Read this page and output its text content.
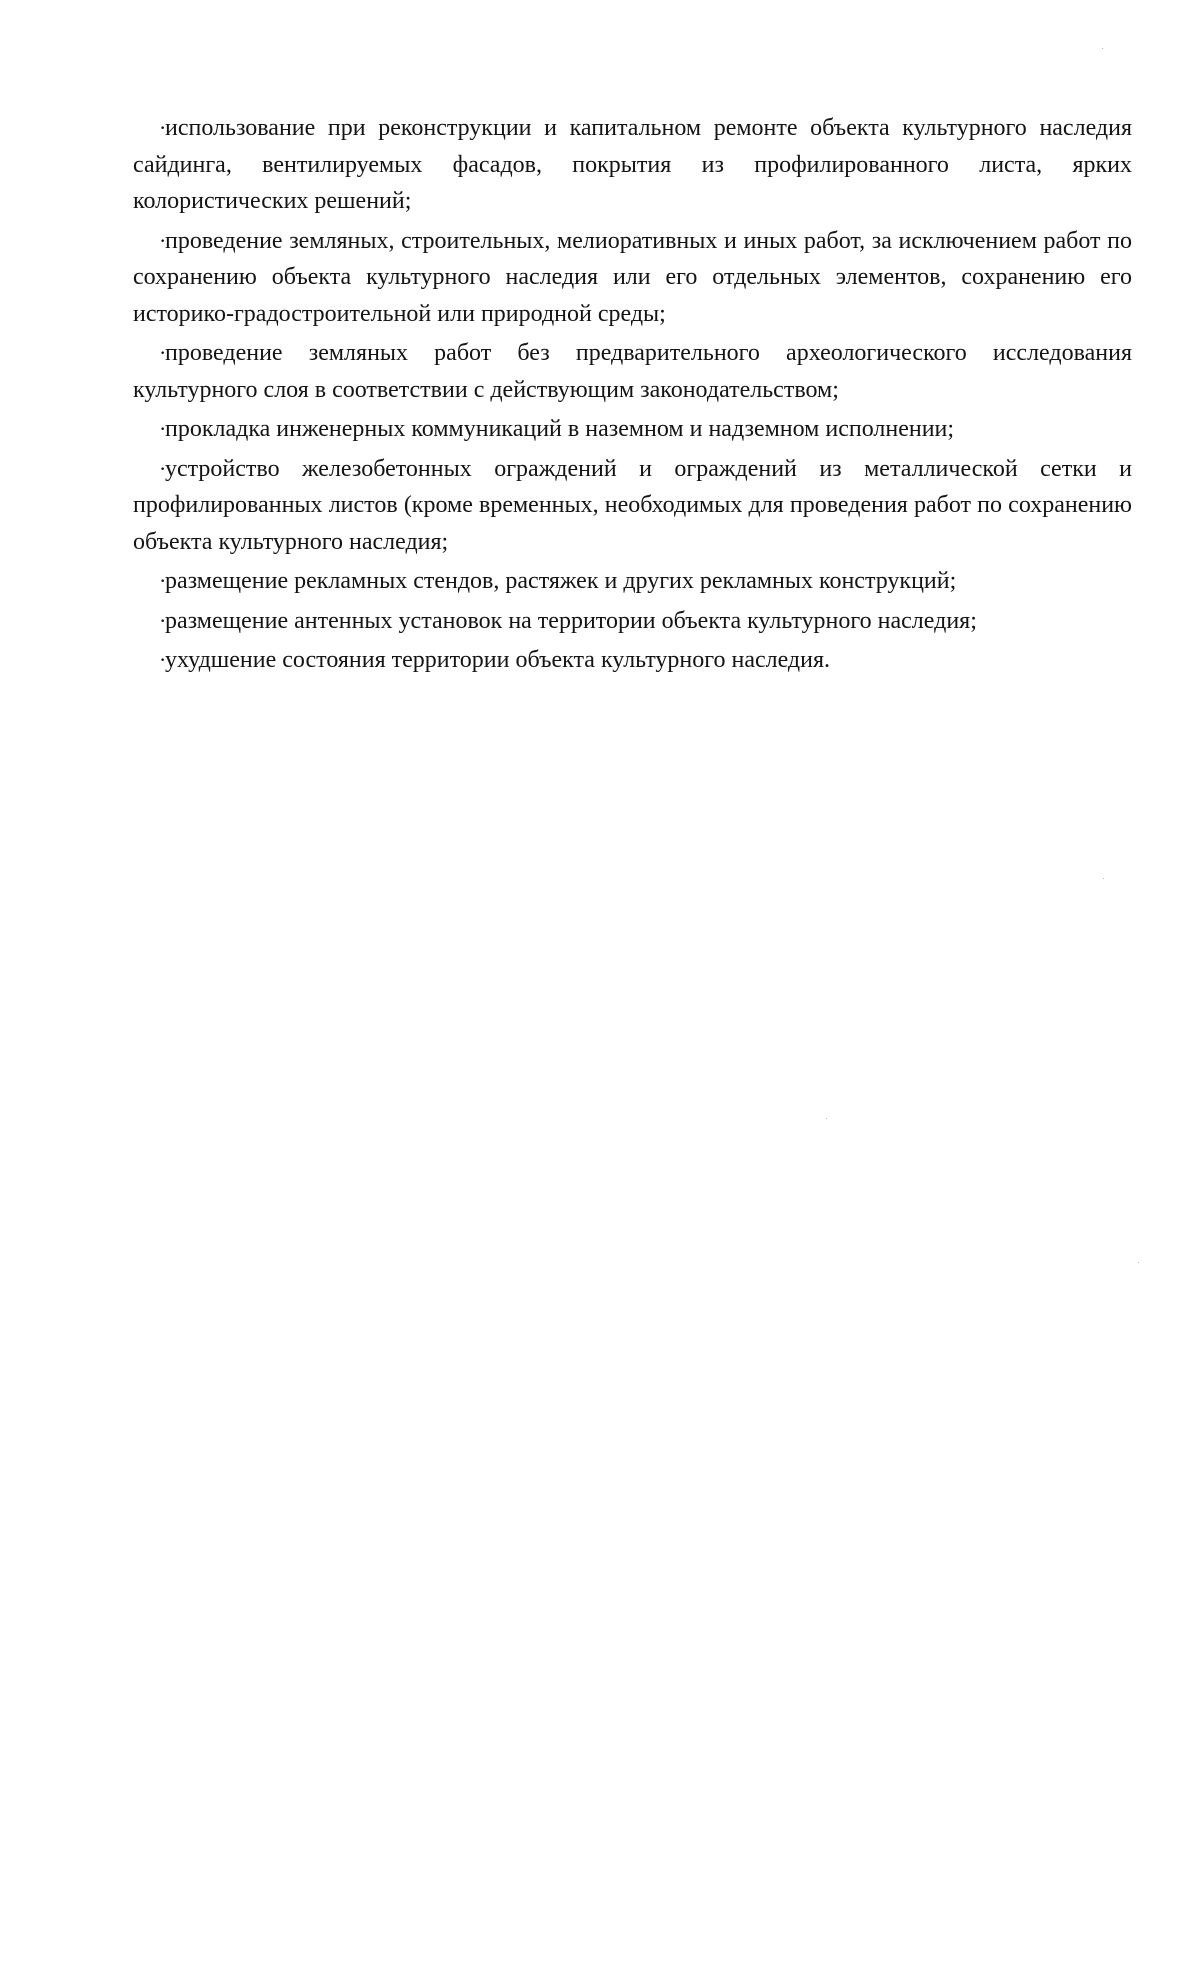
·использование при реконструкции и капитальном ремонте объекта культурного наследия сайдинга, вентилируемых фасадов, покрытия из профилированного листа, ярких колористических решений;

·проведение земляных, строительных, мелиоративных и иных работ, за исключением работ по сохранению объекта культурного наследия или его отдельных элементов, сохранению его историко-градостроительной или природной среды;

·проведение земляных работ без предварительного археологического исследования культурного слоя в соответствии с действующим законодательством;

·прокладка инженерных коммуникаций в наземном и надземном исполнении;

·устройство железобетонных ограждений и ограждений из металлической сетки и профилированных листов (кроме временных, необходимых для проведения работ по сохранению объекта культурного наследия;

·размещение рекламных стендов, растяжек и других рекламных конструкций;

·размещение антенных установок на территории объекта культурного наследия;

·ухудшение состояния территории объекта культурного наследия.
